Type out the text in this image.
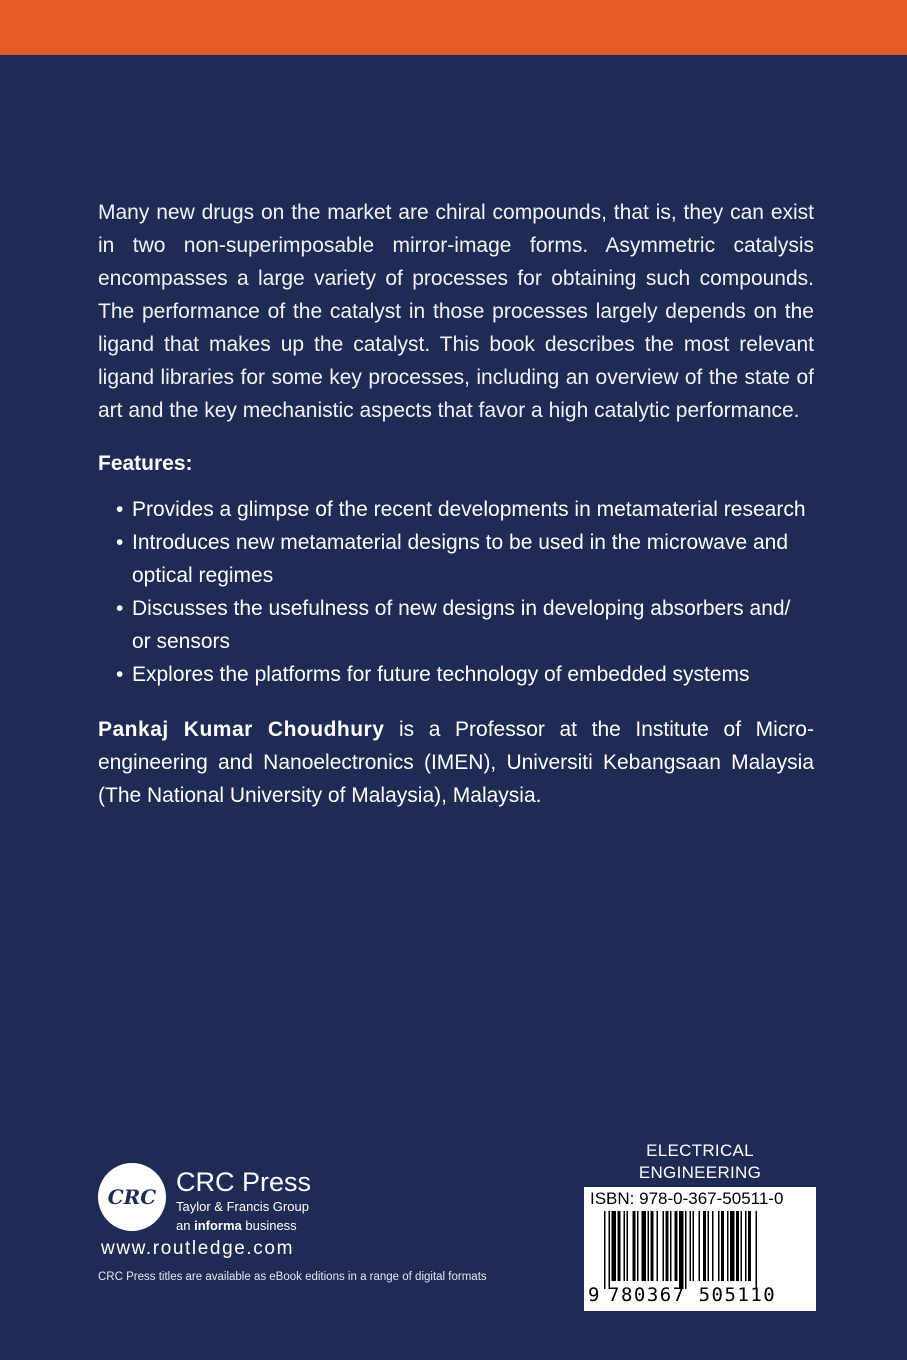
Many new drugs on the market are chiral compounds, that is, they can exist in two non-superimposable mirror-image forms. Asymmetric catalysis encompasses a large variety of processes for obtaining such compounds. The performance of the catalyst in those processes largely depends on the ligand that makes up the catalyst. This book describes the most relevant ligand libraries for some key processes, including an overview of the state of art and the key mechanistic aspects that favor a high catalytic performance.

Features:
• Provides a glimpse of the recent developments in metamaterial research
• Introduces new metamaterial designs to be used in the microwave and optical regimes
• Discusses the usefulness of new designs in developing absorbers and/ or sensors
• Explores the platforms for future technology of embedded systems

Pankaj Kumar Choudhury is a Professor at the Institute of Micro-engineering and Nanoelectronics (IMEN), Universiti Kebangsaan Malaysia (The National University of Malaysia), Malaysia.

CRC CRC Press
Taylor & Francis Group
an informa business
www.routledge.com
CRC Press titles are available as eBook editions in a range of digital formats
ELECTRICAL ENGINEERING
ISBN: 978-0-367-50511-0
9 780367 505110
